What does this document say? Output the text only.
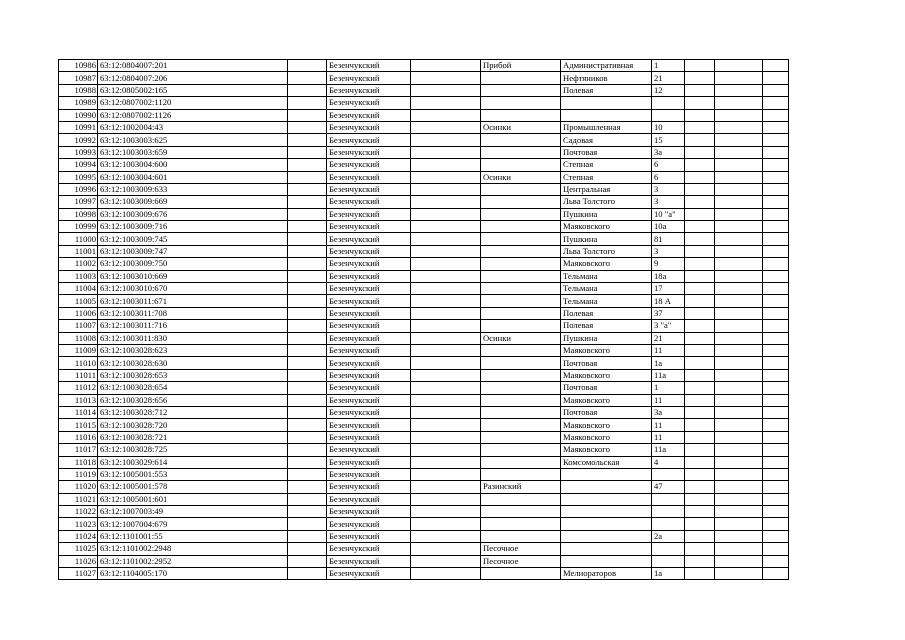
10986	63:12:0804007:201		Безенчукский		Прибой	Административная	1			
10987	63:12:0804007:206		Безенчукский			Нефтяников	21			
10988	63:12:0805002:165		Безенчукский			Полевая	12			
10989	63:12:0807002:1120		Безенчукский							
10990	63:12:0807002:1126		Безенчукский							
10991	63:12:1002004:43		Безенчукский		Осинки	Промышленная	10			
10992	63:12:1003003:625		Безенчукский			Садовая	15			
10993	63:12:1003003:659		Безенчукский			Почтовая	3а			
10994	63:12:1003004:600		Безенчукский			Степная	6			
10995	63:12:1003004:601		Безенчукский		Осинки	Степная	6			
10996	63:12:1003009:633		Безенчукский			Центральная	3			
10997	63:12:1003009:669		Безенчукский			Льва Толстого	3			
10998	63:12:1003009:676		Безенчукский			Пушкина	10 "а"			
10999	63:12:1003009:716		Безенчукский			Маяковского	10а			
11000	63:12:1003009:745		Безенчукский			Пушкина	81			
11001	63:12:1003009:747		Безенчукский			Льва Толстого	3			
11002	63:12:1003009:750		Безенчукский			Маяковского	9			
11003	63:12:1003010:669		Безенчукский			Тельмана	18а			
11004	63:12:1003010:670		Безенчукский			Тельмана	17			
11005	63:12:1003011:671		Безенчукский			Тельмана	18 А			
11006	63:12:1003011:708		Безенчукский			Полевая	37			
11007	63:12:1003011:716		Безенчукский			Полевая	3 "а"			
11008	63:12:1003011:830		Безенчукский		Осинки	Пушкина	21			
11009	63:12:1003028:623		Безенчукский			Маяковского	11			
11010	63:12:1003028:630		Безенчукский			Почтовая	1а			
11011	63:12:1003028:653		Безенчукский			Маяковского	11а			
11012	63:12:1003028:654		Безенчукский			Почтовая	1			
11013	63:12:1003028:656		Безенчукский			Маяковского	11			
11014	63:12:1003028:712		Безенчукский			Почтовая	3а			
11015	63:12:1003028:720		Безенчукский			Маяковского	11			
11016	63:12:1003028:721		Безенчукский			Маяковского	11			
11017	63:12:1003028:725		Безенчукский			Маяковского	11а			
11018	63:12:1003029:614		Безенчукский			Комсомольская	4			
11019	63:12:1005001:553		Безенчукский							
11020	63:12:1005001:578		Безенчукский		Разинский		47			
11021	63:12:1005001:601		Безенчукский							
11022	63:12:1007003:49		Безенчукский							
11023	63:12:1007004:679		Безенчукский							
11024	63:12:1101001:55		Безенчукский				2а			
11025	63:12:1101002:2948		Безенчукский		Песочное					
11026	63:12:1101002:2952		Безенчукский		Песочное					
11027	63:12:1104005:170		Безенчукский			Мелиораторов	1а			
